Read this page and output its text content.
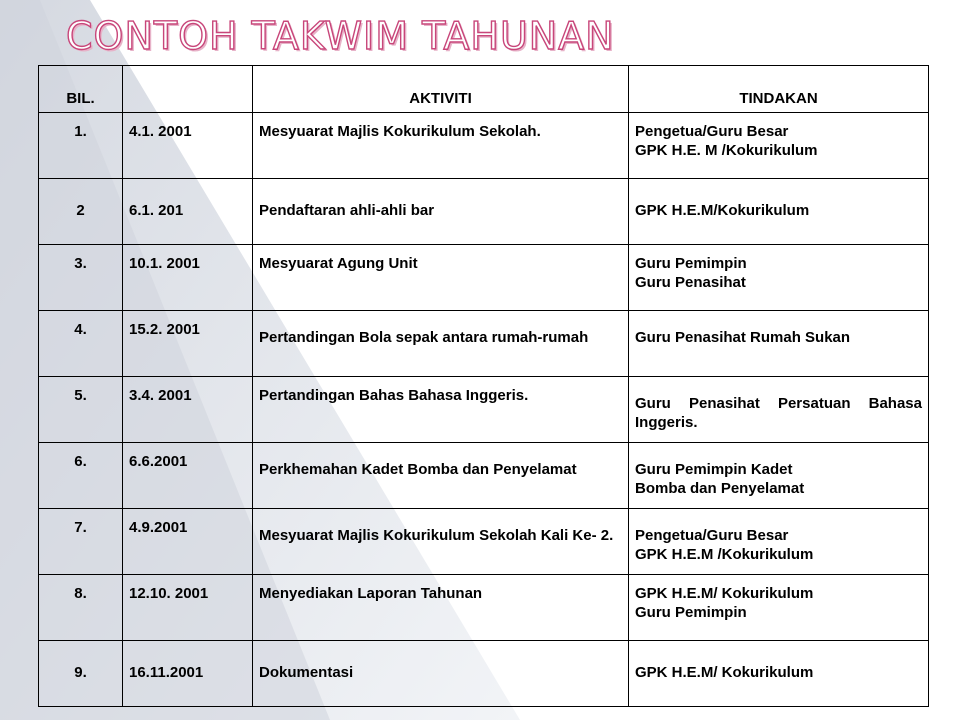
CONTOH TAKWIM TAHUNAN
BIL.		AKTIVITI	TINDAKAN
1.	4.1. 2001	Mesyuarat Majlis Kokurikulum Sekolah.	Pengetua/Guru Besar
GPK H.E. M /Kokurikulum

2	6.1. 201	Pendaftaran ahli-ahli bar	GPK H.E.M/Kokurikulum

3.	10.1. 2001	Mesyuarat Agung Unit	Guru Pemimpin
Guru Penasihat

4.	15.2. 2001	Pertandingan Bola sepak antara rumah-rumah	Guru Penasihat Rumah Sukan

5.	3.4. 2001	Pertandingan Bahas Bahasa Inggeris.	Guru Penasihat Persatuan Bahasa Inggeris.

6.	6.6.2001	Perkhemahan Kadet Bomba dan Penyelamat	Guru Pemimpin Kadet
Bomba dan Penyelamat

7.	4.9.2001	Mesyuarat Majlis Kokurikulum Sekolah Kali Ke- 2.	Pengetua/Guru Besar
GPK H.E.M /Kokurikulum

8.	12.10. 2001	Menyediakan Laporan Tahunan	GPK H.E.M/ Kokurikulum
Guru Pemimpin

9.	16.11.2001	Dokumentasi	GPK H.E.M/ Kokurikulum
